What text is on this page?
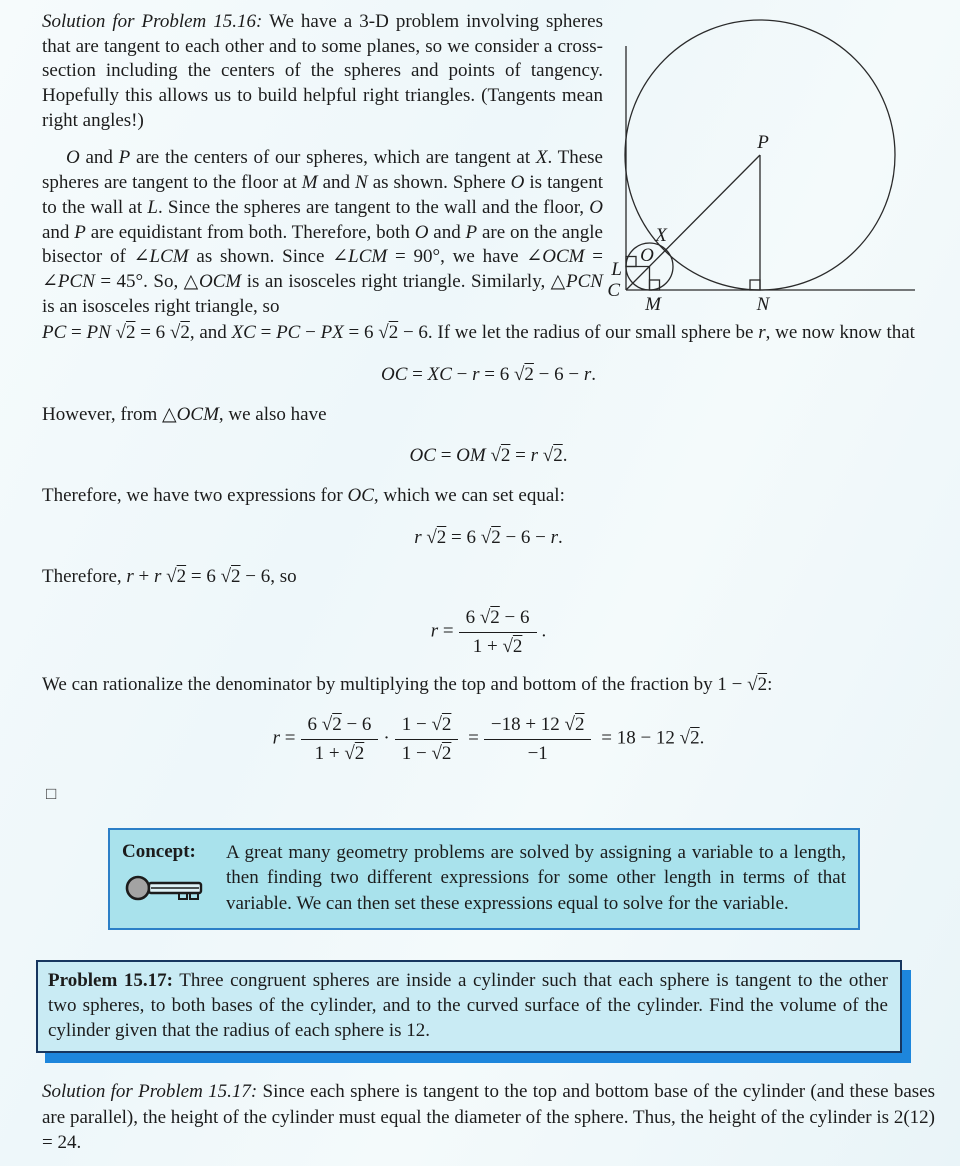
Solution for Problem 15.16: We have a 3-D problem involving spheres that are tangent to each other and to some planes, so we consider a cross-section including the centers of the spheres and points of tangency. Hopefully this allows us to build helpful right triangles. (Tangents mean right angles!)

O and P are the centers of our spheres, which are tangent at X. These spheres are tangent to the floor at M and N as shown. Sphere O is tangent to the wall at L. Since the spheres are tangent to the wall and the floor, O and P are equidistant from both. Therefore, both O and P are on the angle bisector of ∠LCM as shown. Since ∠LCM = 90°, we have ∠OCM = ∠PCN = 45°. So, △OCM is an isosceles right triangle. Similarly, △PCN is an isosceles right triangle, so

P
X
O
L
C
M	N

PC = PN √2 = 6 √2, and XC = PC − PX = 6 √2 − 6. If we let the radius of our small sphere be r, we now know that

OC = XC − r = 6 √2 − 6 − r.

However, from △OCM, we also have

OC = OM √2 = r √2.

Therefore, we have two expressions for OC, which we can set equal:

r √2 = 6 √2 − 6 − r.

Therefore, r + r √2 = 6 √2 − 6, so

$r = \frac{6 √2 - 6}{1 + √2}$ .

We can rationalize the denominator by multiplying the top and bottom of the fraction by 1 − √2:

$r = \frac{6 √2 - 6}{1 + √2} \cdot \frac{1 - √2}{1 - √2} = \frac{-18 + 12 √2}{-1} = 18 - 12$ √2.
□
Concept:	A great many geometry problems are solved by assigning a variable to a length, then finding two different expressions for some other length in terms of that variable. We can then set these expressions equal to solve for the variable.
Problem 15.17: Three congruent spheres are inside a cylinder such that each sphere is tangent to the other two spheres, to both bases of the cylinder, and to the curved surface of the cylinder. Find the volume of the cylinder given that the radius of each sphere is 12.

Solution for Problem 15.17: Since each sphere is tangent to the top and bottom base of the cylinder (and these bases are parallel), the height of the cylinder must equal the diameter of the sphere. Thus, the height of the cylinder is 2(12) = 24.
